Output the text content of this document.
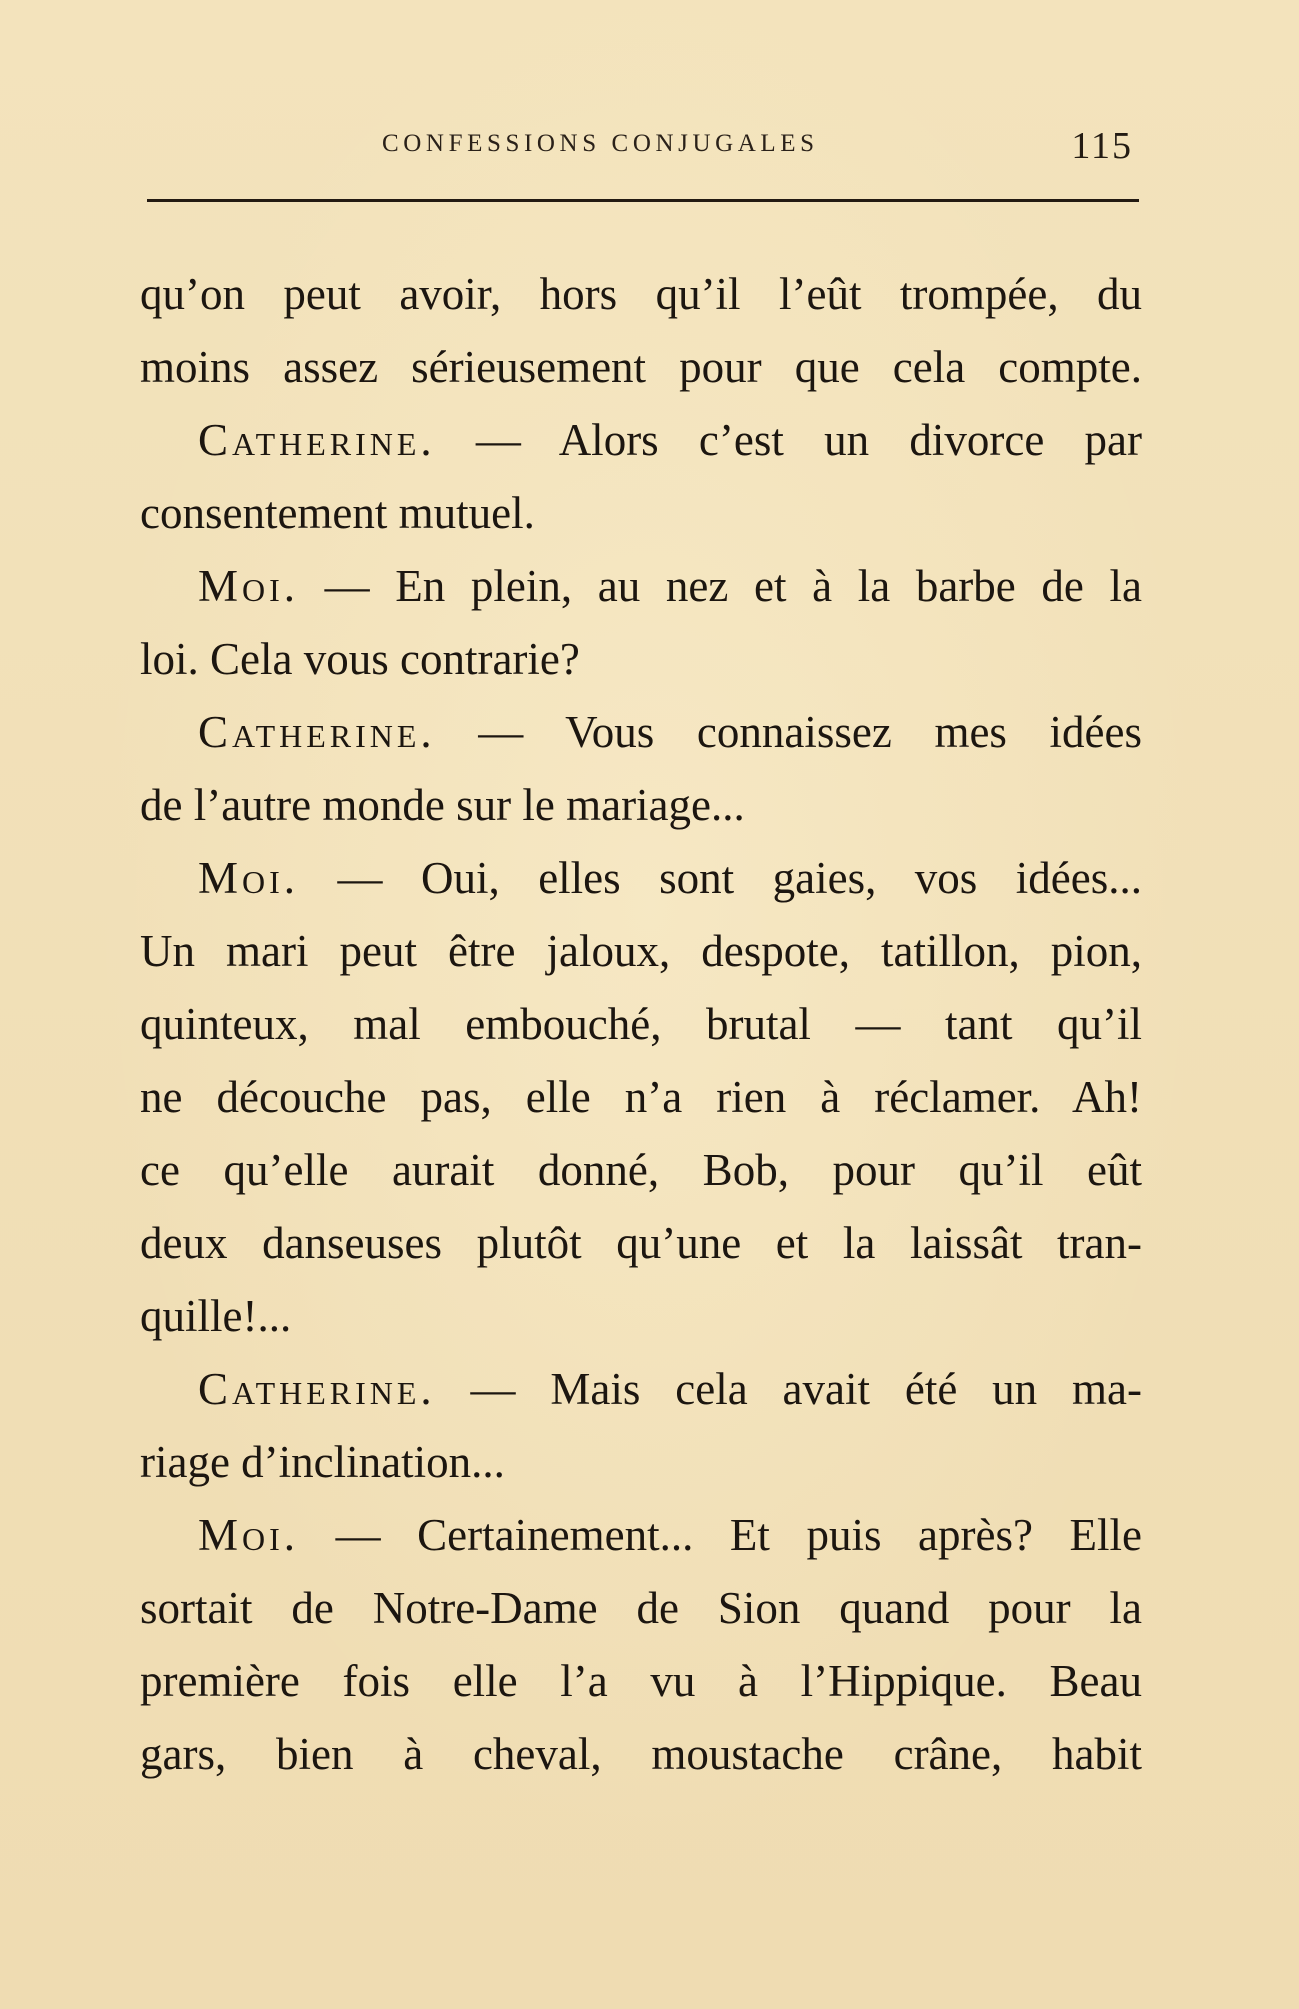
CONFESSIONS CONJUGALES	115
qu’on peut avoir, hors qu’il l’eût trompée, du
moins assez sérieusement pour que cela compte.
Catherine. — Alors c’est un divorce par
consentement mutuel.
Moi. — En plein, au nez et à la barbe de la
loi. Cela vous contrarie?
Catherine. — Vous connaissez mes idées
de l’autre monde sur le mariage...
Moi. — Oui, elles sont gaies, vos idées...
Un mari peut être jaloux, despote, tatillon, pion,
quinteux, mal embouché, brutal — tant qu’il
ne découche pas, elle n’a rien à réclamer. Ah!
ce qu’elle aurait donné, Bob, pour qu’il eût
deux danseuses plutôt qu’une et la laissât tran-
quille!...
Catherine. — Mais cela avait été un ma-
riage d’inclination...
Moi. — Certainement... Et puis après? Elle
sortait de Notre-Dame de Sion quand pour la
première fois elle l’a vu à l’Hippique. Beau
gars, bien à cheval, moustache crâne, habit
